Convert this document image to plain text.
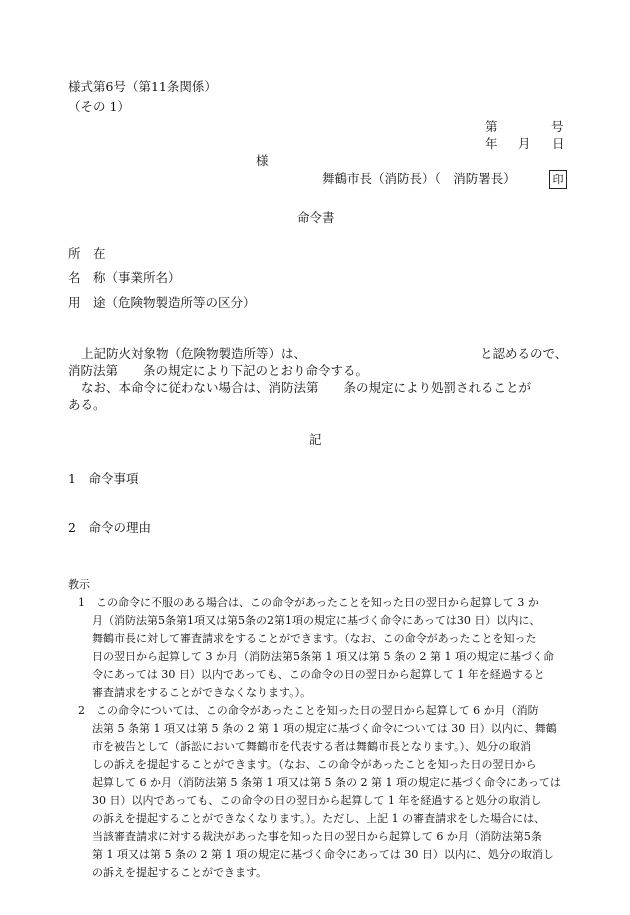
様式第6号（第11条関係）
（その 1）
第	号
年 月 日
様
舞鶴市長（消防長）（　消防署長）	印
命令書
所　在
名　称（事業所名）
用　途（危険物製造所等の区分）
上記防火対象物（危険物製造所等）は、	と認めるので、
消防法第　　条の規定により下記のとおり命令する。
なお、本命令に従わない場合は、消防法第　　条の規定により処罰されることが
ある。
記
1　命令事項
2　命令の理由
教示
1　この命令に不服のある場合は、この命令があったことを知った日の翌日から起算して 3 か
月（消防法第5条第1項又は第5条の2第1項の規定に基づく命令にあっては30 日）以内に、
舞鶴市長に対して審査請求をすることができます。（なお、この命令があったことを知った
日の翌日から起算して 3 か月（消防法第5条第 1 項又は第 5 条の 2 第 1 項の規定に基づく命
令にあっては 30 日）以内であっても、この命令の日の翌日から起算して 1 年を経過すると
審査請求をすることができなくなります。）。
2　この命令については、この命令があったことを知った日の翌日から起算して 6 か月（消防
法第 5 条第 1 項又は第 5 条の 2 第 1 項の規定に基づく命令については 30 日）以内に、舞鶴
市を被告として（訴訟において舞鶴市を代表する者は舞鶴市長となります。）、処分の取消
しの訴えを提起することができます。（なお、この命令があったことを知った日の翌日から
起算して 6 か月（消防法第 5 条第 1 項又は第 5 条の 2 第 1 項の規定に基づく命令にあっては
30 日）以内であっても、この命令の日の翌日から起算して 1 年を経過すると処分の取消し
の訴えを提起することができなくなります。）。ただし、上記 1 の審査請求をした場合には、
当該審査請求に対する裁決があった事を知った日の翌日から起算して 6 か月（消防法第5条
第 1 項又は第 5 条の 2 第 1 項の規定に基づく命令にあっては 30 日）以内に、処分の取消し
の訴えを提起することができます。
